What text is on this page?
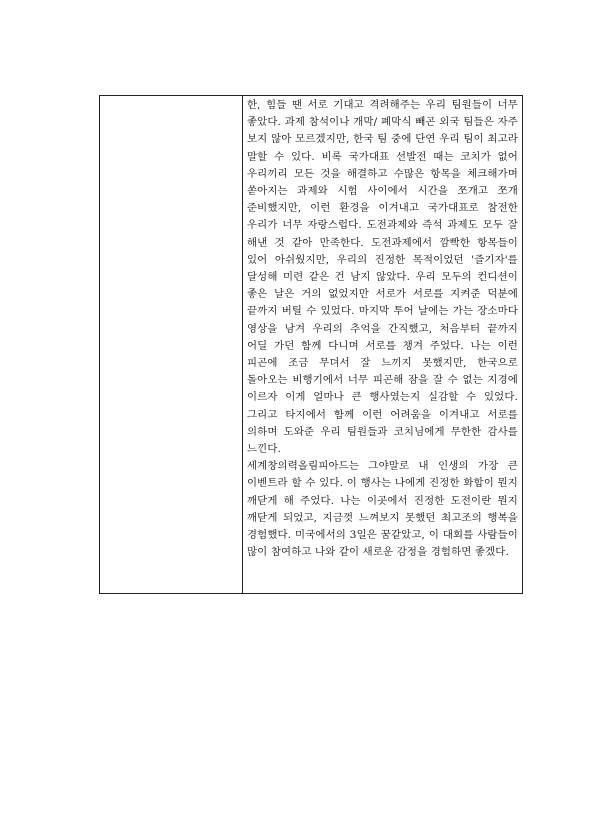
한, 힘들 땐 서로 기대고 격려해주는 우리 팀원들이 너무 좋았다. 과제 참석이나 개막/ 폐막식 빼곤 외국 팀들은 자주 보지 않아 모르겠지만, 한국 팀 중에 단연 우리 팀이 최고라 말할 수 있다. 비록 국가대표 선발전 때는 코치가 없어 우리끼리 모든 것을 해결하고 수많은 항목을 체크해가며 쏟아지는 과제와 시험 사이에서 시간을 쪼개고 쪼개 준비했지만, 이런 환경을 이겨내고 국가대표로 참전한 우리가 너무 자랑스럽다. 도전과제와 즉석 과제도 모두 잘 해낸 것 같아 만족한다. 도전과제에서 깜빡한 항목들이 있어 아쉬웠지만, 우리의 진정한 목적이었던 '즐기자'를 달성해 미련 같은 건 남지 않았다. 우리 모두의 컨디션이 좋은 날은 거의 없었지만 서로가 서로를 지켜준 덕분에 끝까지 버틸 수 있었다. 마지막 투어 날에는 가는 장소마다 영상을 남겨 우리의 추억을 간직했고, 처음부터 끝까지 어딜 가던 함께 다니며 서로를 챙겨 주었다. 나는 이런 피곤에 조금 무뎌서 잘 느끼지 못했지만, 한국으로 돌아오는 비행기에서 너무 피곤해 잠을 잘 수 없는 지경에 이르자 이게 얼마나 큰 행사였는지 실감할 수 있었다. 그리고 타지에서 함께 이런 어려움을 이겨내고 서로를 의하며 도와준 우리 팀원들과 코치님에게 무한한 감사를 느낀다.

세계창의력올림피아드는 그야말로 내 인생의 가장 큰 이벤트라 할 수 있다. 이 행사는 나에게 진정한 화합이 뭔지 깨닫게 해 주었다. 나는 이곳에서 진정한 도전이란 뭔지 깨닫게 되었고, 지금껏 느껴보지 못했던 최고조의 행복을 경험했다. 미국에서의 3일은 꿈같았고, 이 대회를 사람들이 많이 참여하고 나와 같이 새로운 감정을 경험하면 좋겠다.
